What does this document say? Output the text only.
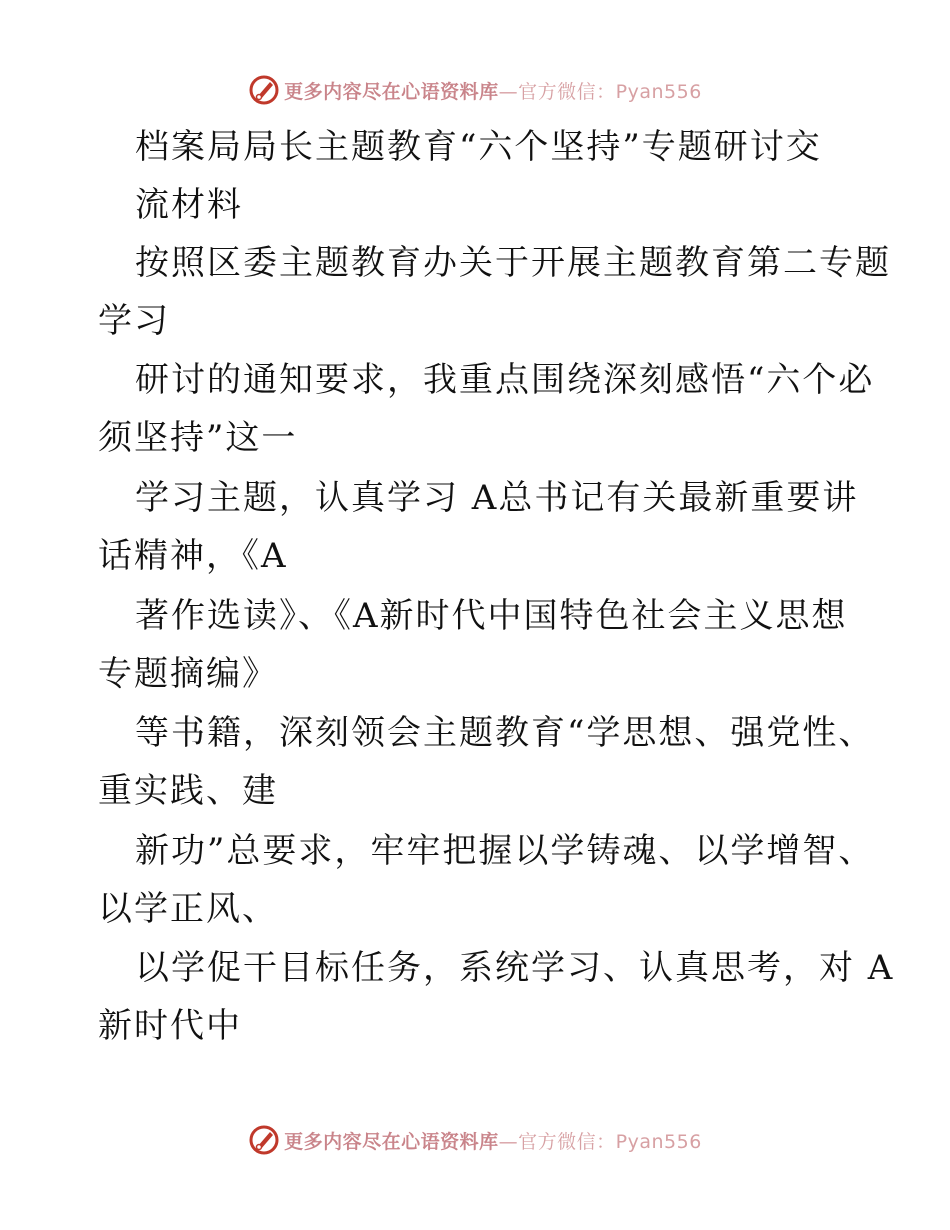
更多内容尽在心语资料库—官方微信：Pyan556
档案局局长主题教育“六个坚持”专题研讨交
流材料
按照区委主题教育办关于开展主题教育第二专题
学习
研讨的通知要求，我重点围绕深刻感悟“六个必
须坚持”这一
学习主题，认真学习 A总书记有关最新重要讲
话精神，《A
著作选读》、《A新时代中国特色社会主义思想
专题摘编》
等书籍，深刻领会主题教育“学思想、强党性、
重实践、建
新功”总要求，牢牢把握以学铸魂、以学增智、
以学正风、
以学促干目标任务，系统学习、认真思考，对 A
新时代中
更多内容尽在心语资料库—官方微信：Pyan556
